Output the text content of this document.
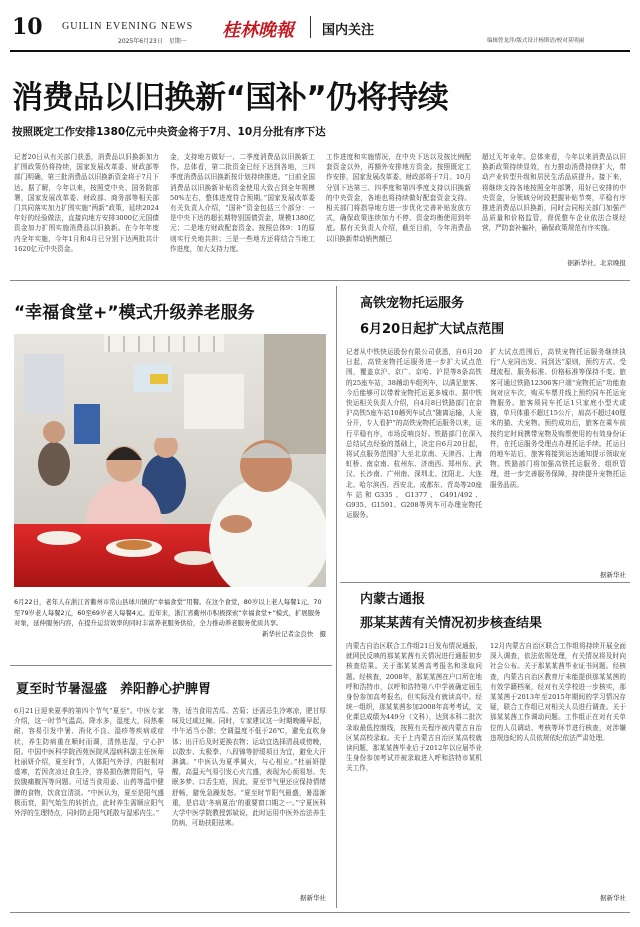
10 GUILIN EVENING NEWS
2025年6月23日　星期一
桂林晚報 国内关注
编辑曾龙萍/版式设计杨斯语/校对莫明丽
消费品以旧换新“国补”仍将持续
按照既定工作安排1380亿元中央资金将于7月、10月分批有序下达
记者20日从有关部门获悉，消费品以旧换新加力扩围政策仍将持续，国家发展改革委、财政部等部门明确，第三批消费品以旧换新资金将于7月下达。据了解，今年以来，按照党中央、国务院部署，国家发展改革委、财政部、商务部等相关部门共同落实加力扩围实施“两新”政策，延续2024年好的经验做法，直接向地方安排3000亿元国债资金加力扩围实施消费品以旧换新。在今年年度内全年实施，今年1月和4月已分别下达两批共计1620亿元中央资金。
金，支持地方做好一、二季度消费品以旧换新工作。总体看，第二批资金已经下达到各地，三四季度消费品以旧换新按计划持续推进。“目前全国消费品以旧换新补贴资金使用大致占到全年规模50%左右，整体进度符合预期。”国家发展改革委有关负责人介绍，“国补”资金包括三个部分：一是中央下达的超长期特别国债资金，规模1380亿元；二是地方财政配套资金。按照总体9：1的原则实行央地共担；三是一些地方还将结合当地工作进度，加大支持力度。
工作进度和实施情况，在中央下达以及按比例配套资金以外，再额外安排地方资金。按照既定工作安排，国家发展改革委、财政部将于7月、10月分别下达第三、四季度和第四季度支持以旧换新的中央资金，各地也将持续做好配套资金支持。相关部门将指导地方进一步优化完善补贴发放方式，确保政策连续加力不停、资金均衡使用到年底。据有关负责人介绍，截至目前，今年消费品以旧换新带动销售额已
超过无年业年。总体来看，今年以来消费品以旧换新政策持续显效，有力推动消费持续扩大，带动产业转型升级和居民生活品质提升。接下来，将继续支持各地按照全年部署，用好已安排的中央资金，分领域分时段把握补贴节奏，平稳有序推进消费品以旧换新，同时会同相关部门加强产品质量和价格监管，督促整车企业依法合规经营，严防套补骗补，确保政策规范有序实施。
据新华社、北京晚报
“幸福食堂+”模式升级养老服务
6月22日，老年人在浙江省衢州市常山县球川镇的“幸福食堂”用餐。在这个食堂，80岁以上老人每餐1元，70至79岁老人每餐2元，60至69岁老人每餐4元。近年来，浙江省衢州市积极探索“幸福食堂+”模式，扩展服务对象，延伸服务内容，在提升运营效率的同时丰富养老服务供给，全力推动养老服务优质共享。
新华社记者金良快　摄
高铁宠物托运服务
6月20日起扩大试点范围
记者从中铁快运股份有限公司获悉，自6月20日起，高铁宠物托运服务进一步扩大试点范围，覆盖京沪、京广、京哈、沪昆等8条高铁的25座车站，38趟动车组列车，以满足旅客、今后能够可以带着宠物托运更多城市。据中铁快运相关负责人介绍，自4月8日铁路部门在京沪高铁5座车站10趟列车试点“随离运输，人宠分开，专人看护”的高铁宠物托运服务以来，运行平稳有序，市场反响良好。铁路部门在深入总结试点经验的基础上，决定自6月20日起，将试点服务范围扩大至北京南、天津西、上海虹桥、南京南、杭州东、济南西、郑州东、武汉、长沙南、广州南、深圳北、沈阳北、大连北、哈尔滨西、西安北、成都东、青岛等20座车站和G335、G1377、G491/492、G935、G1591、G208等列车可办理宠物托运服务。
扩大试点范围后，高铁宠物托运服务继续执行“人宠同出发、同到达”原则，预约方式、受理流程、服务标准、价格标准等保持不变。旅客可通过铁路12306客户端“宠物托运”功能查询对应车次，购买车票并线上预约同车托运宠物服务。旅客须同车托运1只家庭小型犬或猫，单只体重不超过15公斤，肩高不超过40厘米的猫、犬宠物。预约成功后，旅客在乘车前按约定时间携带宠物及购票使用的有效身份证件，在托运服务受理点办理托运手续。托运日的地车站后，旅客将接到运达通知提示领取宠物。铁路部门将加强高铁托运服务，组织管理，进一步完善服务保障，持续提升宠物托运服务品质。
据新华社
夏至时节暑湿盛　养阳静心护脾胃
6月21日迎来夏季的第四个节气“夏至”。中医专家介绍，这一时节气温高、降水多，湿度大，闷热难耐，容易引发中暑、消化不良、湿疹等疾病或症状，养生防病重在顺时而调，清热祛湿，宁心护阳。中国中医科学院西苑医院风湿病科副主任医师杜丽妍介绍，夏至时节，人体阳气外浮，内脏相对虚寒，若因贪凉过食生冷，容易损伤脾胃阳气，导致腹痛腹泻等问题。可适当食用姜、山药等温中健脾的食物，饮食宜清淡。“中医认为，夏至是阳气盛极而衰，阴气始生的转折点，此时养生需顺应阳气外浮的生理特点，同时防止阳气耗散与湿邪内生。”
等，适当食用苦瓜、苦菊；还需忌生冷寒凉，肥甘厚味及过咸过辣。同时，专家建议这一时期晚睡早起，中午适当小憩；空调温度不低于26℃，避免直吹身体；出汗后及时更换衣物；运动宜选择清晨或傍晚，以散步、太极拳、八段锦等舒缓项目为宜，避免大汗淋漓。“中医认为夏季属火，与心相应。”杜丽妍提醒，高温天气易引发心火亢盛，表现为心烦易怒、失眠多梦、口舌生疮，因此，夏至节气里还应保持情绪舒畅，避免急躁发怒。“夏至时节阳气最盛，暑湿渐重，是启动‘冬病夏治’的重要窗口期之一。”宁夏医科大学中医学院教授郭斌说，此时运用中医外治法养生防病，可助扶阳祛寒。
据新华社
内蒙古通报
那某某茜有关情况初步核查结果
内蒙古自治区联合工作组21日发布情况通报，就网民反映的那某某茜有关情况进行通报初步核查结果。关于那某某茜高考报名和录取问题。经核查，2008年，那某某茜在户口所在地呼和浩特市，以呼和浩特第八中学被确定届生身份参加高考报名，但实际没有就读高中。经统一组织，那某某茜参加2008年高考考试，文化课总成绩为449分（文科），达到本科二批次录取最低控制线，按照有关程序被内蒙古自治区某高校录取。关于上内蒙古自治区某高校就读问题，那某某茜毕业后于2012年以应届毕业生身份参加考试并被录取进入呼和浩特市某机关工作，
12月内蒙古自治区联合工作组将持续开展全面深入调查，依法依规处理，有关情况将及时向社会公布。关于那某某茜毕业证书问题。经核查，内蒙古自治区教育厅未能提供那某某茜的有效学籍档案，经对有关学校进一步核实，那某某茜于2013年至2015年期间的学习情况存疑，联合工作组已对相关人员进行调查。关于那某某茜工作调动问题。工作组正在对有关单位的人员调动、考核等环节进行核查，对涉嫌违规违纪的人员依规依纪依法严肃处理。
据新华社
